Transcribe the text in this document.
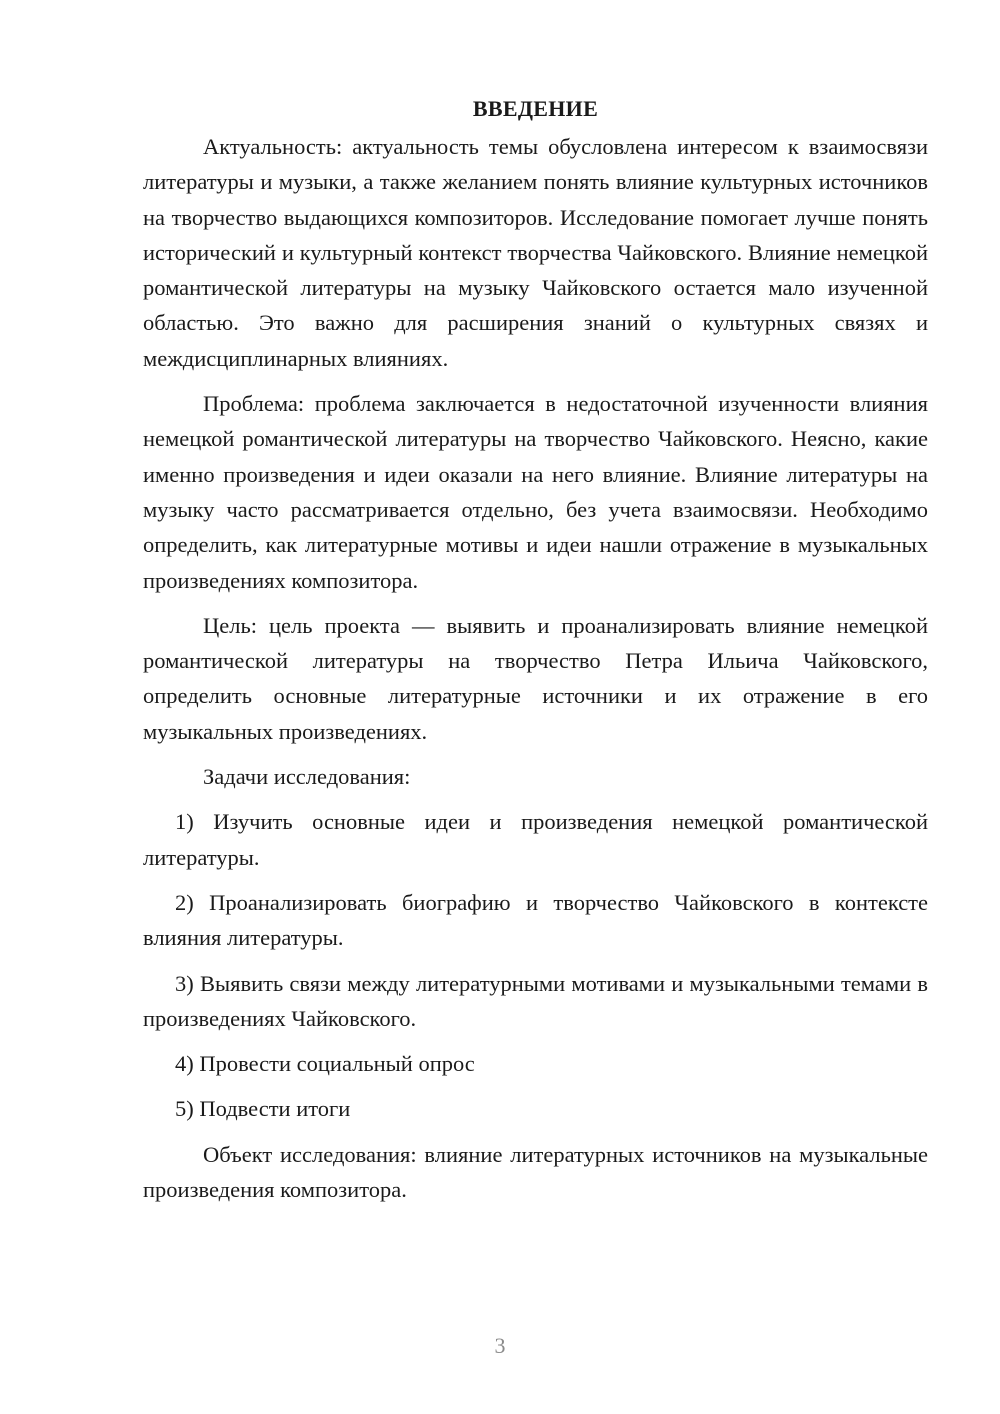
ВВЕДЕНИЕ

Актуальность: актуальность темы обусловлена интересом к взаимосвязи литературы и музыки, а также желанием понять влияние культурных источников на творчество выдающихся композиторов. Исследование помогает лучше понять исторический и культурный контекст творчества Чайковского. Влияние немецкой романтической литературы на музыку Чайковского остается мало изученной областью. Это важно для расширения знаний о культурных связях и междисциплинарных влияниях.

Проблема: проблема заключается в недостаточной изученности влияния немецкой романтической литературы на творчество Чайковского. Неясно, какие именно произведения и идеи оказали на него влияние. Влияние литературы на музыку часто рассматривается отдельно, без учета взаимосвязи. Необходимо определить, как литературные мотивы и идеи нашли отражение в музыкальных произведениях композитора.

Цель: цель проекта — выявить и проанализировать влияние немецкой романтической литературы на творчество Петра Ильича Чайковского, определить основные литературные источники и их отражение в его музыкальных произведениях.

Задачи исследования:

1) Изучить основные идеи и произведения немецкой романтической литературы.

2) Проанализировать биографию и творчество Чайковского в контексте влияния литературы.

3) Выявить связи между литературными мотивами и музыкальными темами в произведениях Чайковского.

4) Провести социальный опрос

5) Подвести итоги

Объект исследования: влияние литературных источников на музыкальные произведения композитора.

3
